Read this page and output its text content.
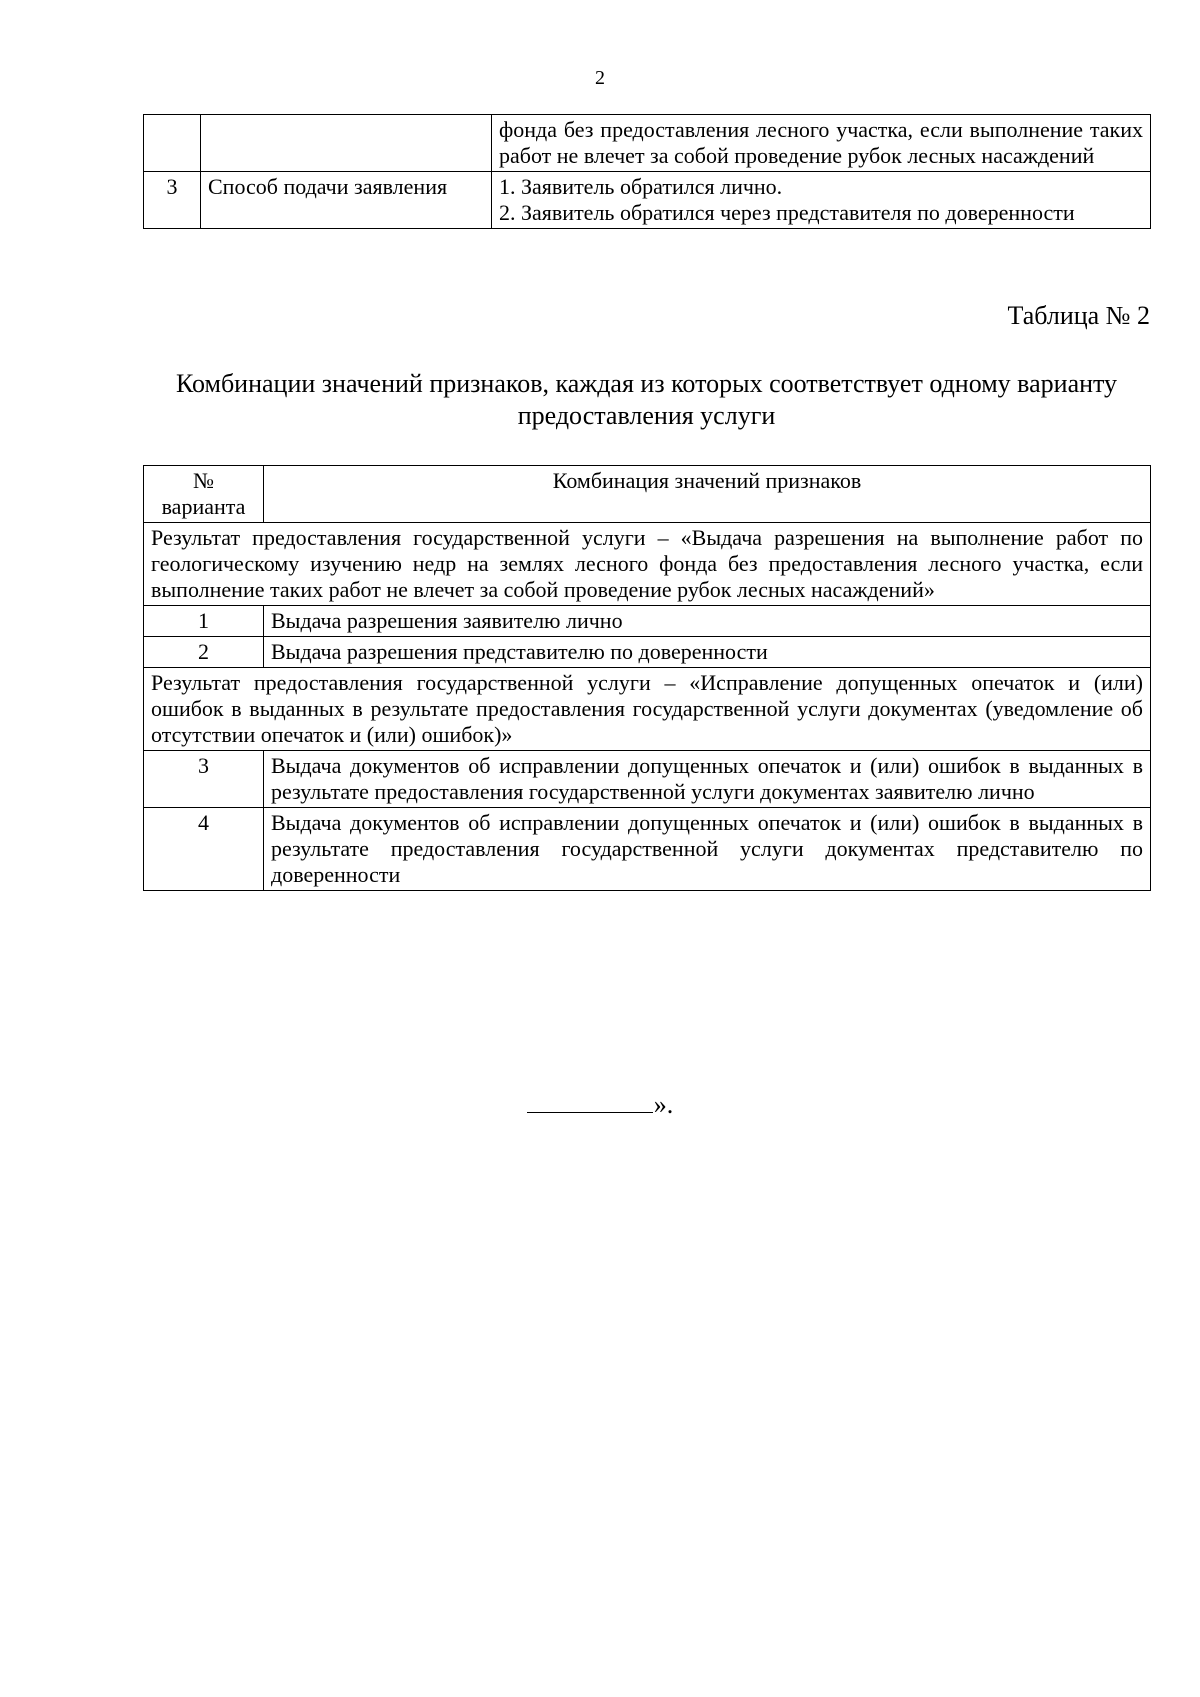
2
		фонда без предоставления лесного участка, если выполнение таких работ не влечет за собой проведение рубок лесных насаждений
3	Способ подачи заявления	1. Заявитель обратился лично.
2. Заявитель обратился через представителя по доверенности
Таблица № 2
Комбинации значений признаков, каждая из которых соответствует одному варианту предоставления услуги
№ варианта	Комбинация значений признаков
Результат предоставления государственной услуги – «Выдача разрешения на выполнение работ по геологическому изучению недр на землях лесного фонда без предоставления лесного участка, если выполнение таких работ не влечет за собой проведение рубок лесных насаждений»	
1	Выдача разрешения заявителю лично
2	Выдача разрешения представителю по доверенности
Результат предоставления государственной услуги – «Исправление допущенных опечаток и (или) ошибок в выданных в результате предоставления государственной услуги документах (уведомление об отсутствии опечаток и (или) ошибок)»	
3	Выдача документов об исправлении допущенных опечаток и (или) ошибок в выданных в результате предоставления государственной услуги документах заявителю лично
4	Выдача документов об исправлении допущенных опечаток и (или) ошибок в выданных в результате предоставления государственной услуги документах представителю по доверенности
».
